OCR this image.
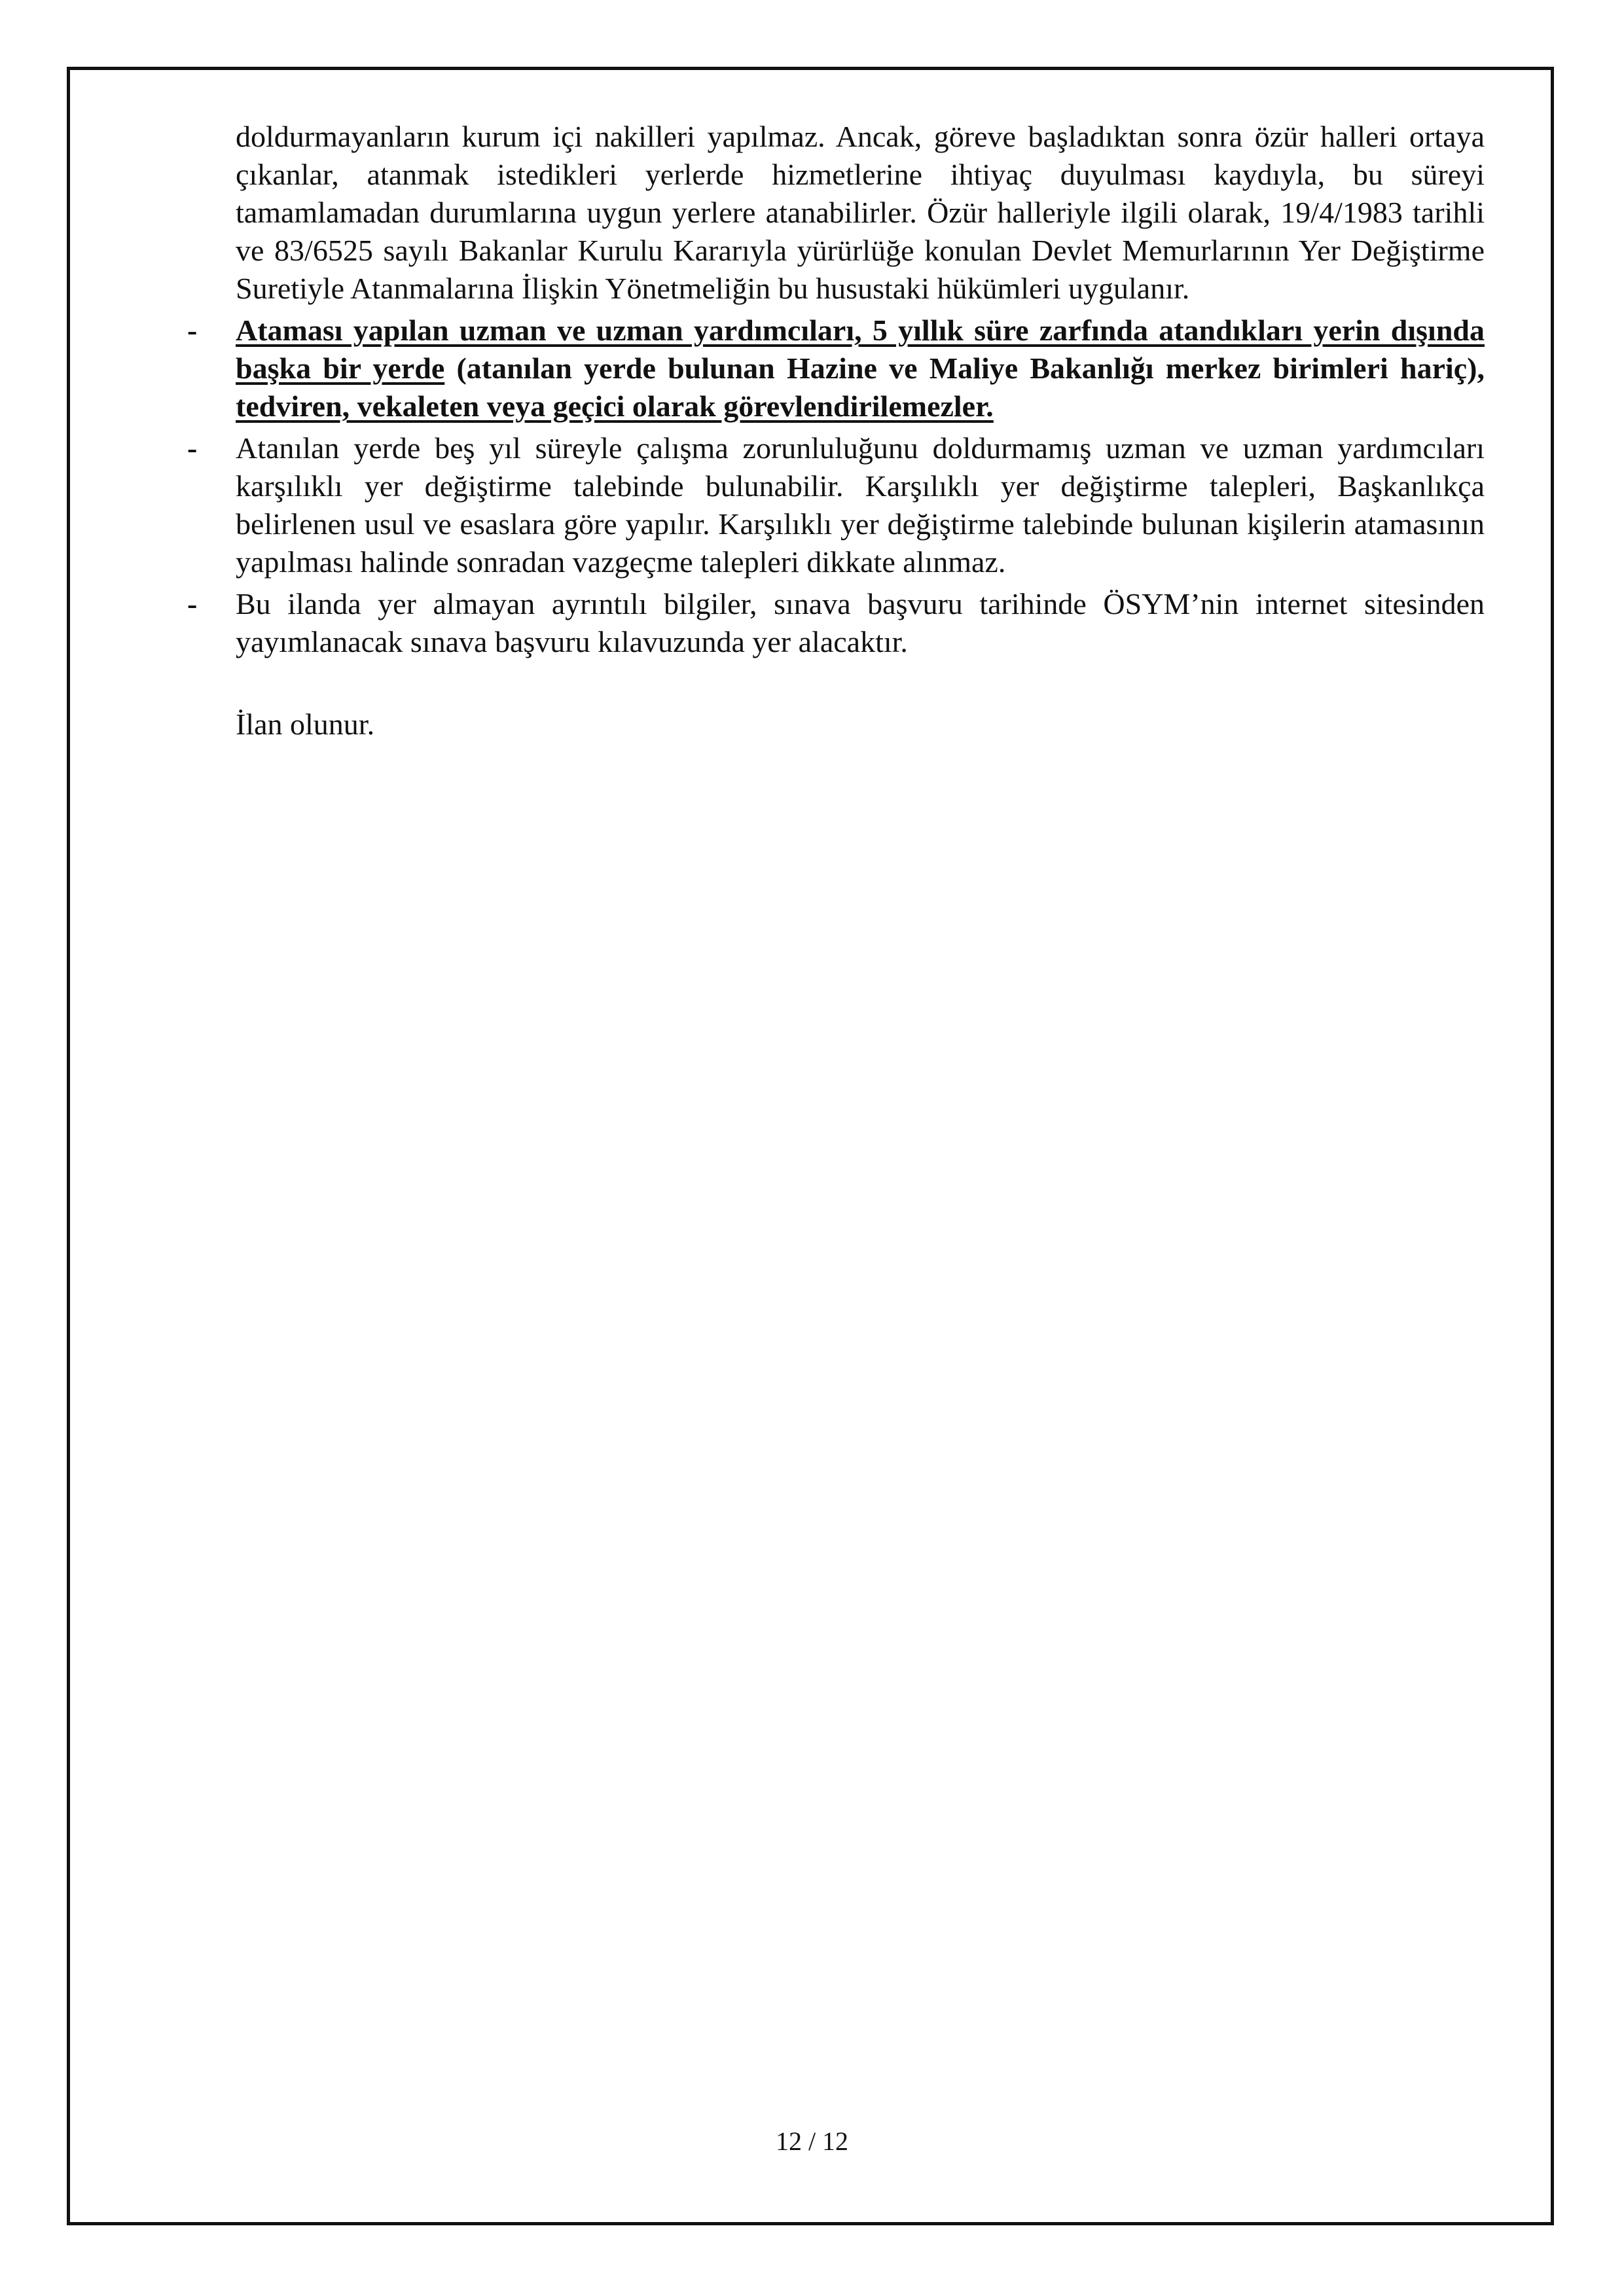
doldurmayanların kurum içi nakilleri yapılmaz. Ancak, göreve başladıktan sonra özür halleri ortaya çıkanlar, atanmak istedikleri yerlerde hizmetlerine ihtiyaç duyulması kaydıyla, bu süreyi tamamlamadan durumlarına uygun yerlere atanabilirler. Özür halleriyle ilgili olarak, 19/4/1983 tarihli ve 83/6525 sayılı Bakanlar Kurulu Kararıyla yürürlüğe konulan Devlet Memurlarının Yer Değiştirme Suretiyle Atanmalarına İlişkin Yönetmeliğin bu husustaki hükümleri uygulanır.

- Ataması yapılan uzman ve uzman yardımcıları, 5 yıllık süre zarfında atandıkları yerin dışında başka bir yerde (atanılan yerde bulunan Hazine ve Maliye Bakanlığı merkez birimleri hariç), tedviren, vekaleten veya geçici olarak görevlendirilemezler.
- Atanılan yerde beş yıl süreyle çalışma zorunluluğunu doldurmamış uzman ve uzman yardımcıları karşılıklı yer değiştirme talebinde bulunabilir. Karşılıklı yer değiştirme talepleri, Başkanlıkça belirlenen usul ve esaslara göre yapılır. Karşılıklı yer değiştirme talebinde bulunan kişilerin atamasının yapılması halinde sonradan vazgeçme talepleri dikkate alınmaz.
- Bu ilanda yer almayan ayrıntılı bilgiler, sınava başvuru tarihinde ÖSYM’nin internet sitesinden yayımlanacak sınava başvuru kılavuzunda yer alacaktır.

İlan olunur.

12 / 12
